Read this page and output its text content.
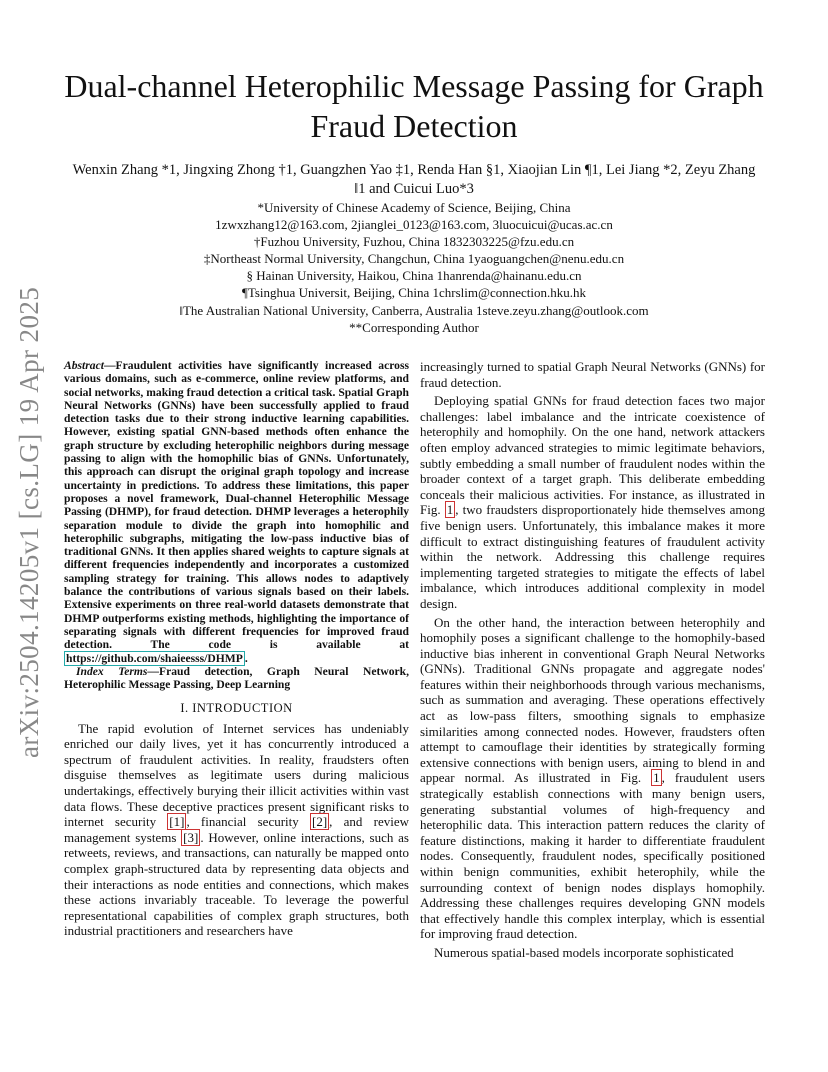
arXiv:2504.14205v1 [cs.LG] 19 Apr 2025
Dual-channel Heterophilic Message Passing for Graph Fraud Detection
Wenxin Zhang *1, Jingxing Zhong †1, Guangzhen Yao ‡1, Renda Han §1, Xiaojian Lin ¶1, Lei Jiang *2, Zeyu Zhang ‖1 and Cuicui Luo*3
*University of Chinese Academy of Science, Beijing, China
1zwxzhang12@163.com, 2jianglei_0123@163.com, 3luocuicui@ucas.ac.cn
†Fuzhou University, Fuzhou, China 1832303225@fzu.edu.cn
‡Northeast Normal University, Changchun, China 1yaoguangchen@nenu.edu.cn
§ Hainan University, Haikou, China 1hanrenda@hainanu.edu.cn
¶Tsinghua Universit, Beijing, China 1chrslim@connection.hku.hk
‖The Australian National University, Canberra, Australia 1steve.zeyu.zhang@outlook.com
**Corresponding Author
Abstract—Fraudulent activities have significantly increased across various domains, such as e-commerce, online review platforms, and social networks, making fraud detection a critical task. Spatial Graph Neural Networks (GNNs) have been successfully applied to fraud detection tasks due to their strong inductive learning capabilities. However, existing spatial GNN-based methods often enhance the graph structure by excluding heterophilic neighbors during message passing to align with the homophilic bias of GNNs. Unfortunately, this approach can disrupt the original graph topology and increase uncertainty in predictions. To address these limitations, this paper proposes a novel framework, Dual-channel Heterophilic Message Passing (DHMP), for fraud detection. DHMP leverages a heterophily separation module to divide the graph into homophilic and heterophilic subgraphs, mitigating the low-pass inductive bias of traditional GNNs. It then applies shared weights to capture signals at different frequencies independently and incorporates a customized sampling strategy for training. This allows nodes to adaptively balance the contributions of various signals based on their labels. Extensive experiments on three real-world datasets demonstrate that DHMP outperforms existing methods, highlighting the importance of separating signals with different frequencies for improved fraud detection. The code is available at https://github.com/shaieesss/DHMP .
Index Terms—Fraud detection, Graph Neural Network, Heterophilic Message Passing, Deep Learning
I. INTRODUCTION

The rapid evolution of Internet services has undeniably enriched our daily lives, yet it has concurrently introduced a spectrum of fraudulent activities. In reality, fraudsters often disguise themselves as legitimate users during malicious undertakings, effectively burying their illicit activities within vast data flows. These deceptive practices present significant risks to internet security [1] , financial security [2] , and review management systems [3] . However, online interactions, such as retweets, reviews, and transactions, can naturally be mapped onto complex graph-structured data by representing data objects and their interactions as node entities and connections, which makes these actions invariably traceable. To leverage the powerful representational capabilities of complex graph structures, both industrial practitioners and researchers have

increasingly turned to spatial Graph Neural Networks (GNNs) for fraud detection.

Deploying spatial GNNs for fraud detection faces two major challenges: label imbalance and the intricate coexistence of heterophily and homophily. On the one hand, network attackers often employ advanced strategies to mimic legitimate behaviors, subtly embedding a small number of fraudulent nodes within the broader context of a target graph. This deliberate embedding conceals their malicious activities. For instance, as illustrated in Fig. 1 , two fraudsters disproportionately hide themselves among five benign users. Unfortunately, this imbalance makes it more difficult to extract distinguishing features of fraudulent activity within the network. Addressing this challenge requires implementing targeted strategies to mitigate the effects of label imbalance, which introduces additional complexity in model design.

On the other hand, the interaction between heterophily and homophily poses a significant challenge to the homophily-based inductive bias inherent in conventional Graph Neural Networks (GNNs). Traditional GNNs propagate and aggregate nodes' features within their neighborhoods through various mechanisms, such as summation and averaging. These operations effectively act as low-pass filters, smoothing signals to emphasize similarities among connected nodes. However, fraudsters often attempt to camouflage their identities by strategically forming extensive connections with benign users, aiming to blend in and appear normal. As illustrated in Fig. 1 , fraudulent users strategically establish connections with many benign users, generating substantial volumes of high-frequency and heterophilic data. This interaction pattern reduces the clarity of feature distinctions, making it harder to differentiate fraudulent nodes. Consequently, fraudulent nodes, specifically positioned within benign communities, exhibit heterophily, while the surrounding context of benign nodes displays homophily. Addressing these challenges requires developing GNN models that effectively handle this complex interplay, which is essential for improving fraud detection.

Numerous spatial-based models incorporate sophisticated
